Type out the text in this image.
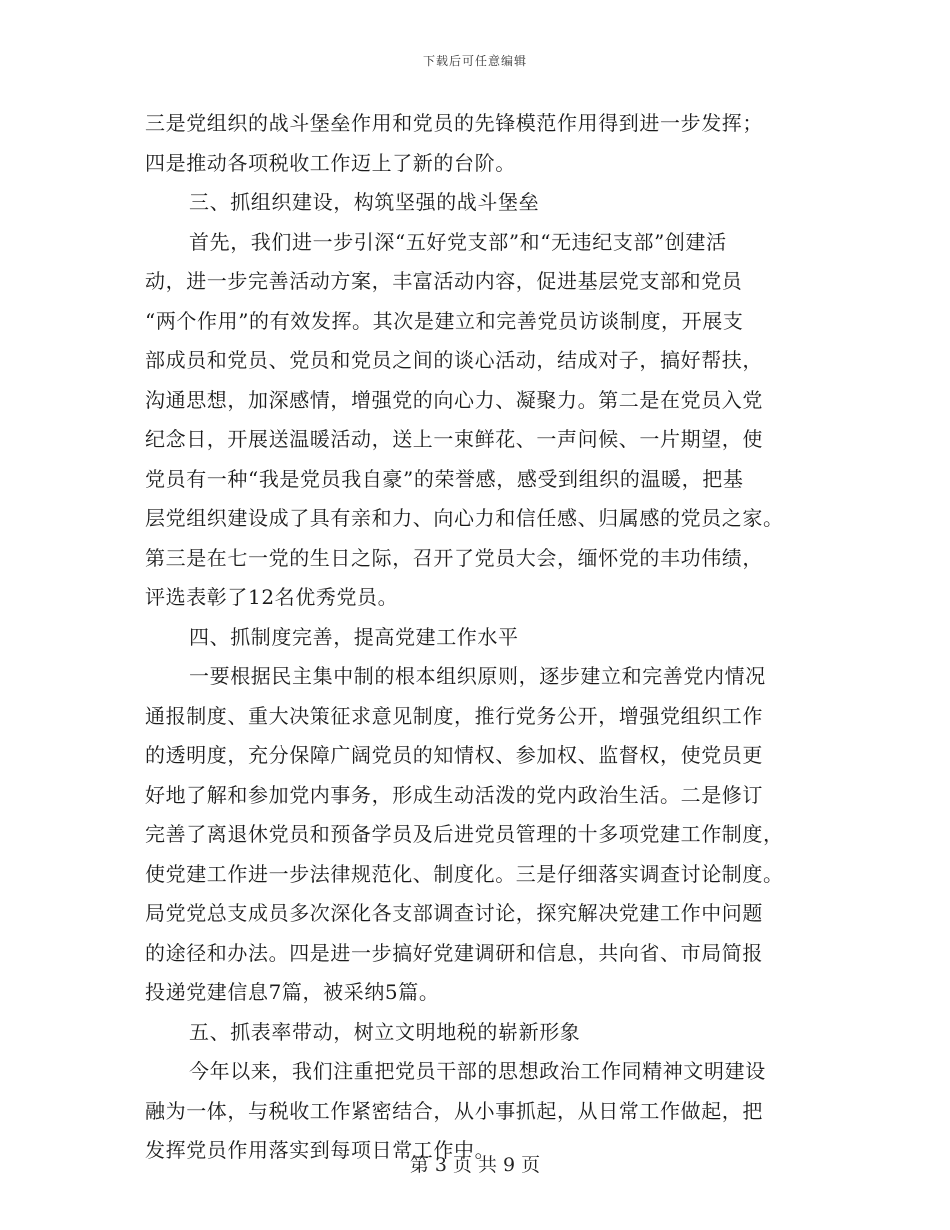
下载后可任意编辑
三是党组织的战斗堡垒作用和党员的先锋模范作用得到进一步发挥；
四是推动各项税收工作迈上了新的台阶。
三、抓组织建设，构筑坚强的战斗堡垒
首先，我们进一步引深“五好党支部”和“无违纪支部”创建活
动，进一步完善活动方案，丰富活动内容，促进基层党支部和党员
“两个作用”的有效发挥。其次是建立和完善党员访谈制度，开展支
部成员和党员、党员和党员之间的谈心活动，结成对子，搞好帮扶，
沟通思想，加深感情，增强党的向心力、凝聚力。第二是在党员入党
纪念日，开展送温暖活动，送上一束鲜花、一声问候、一片期望，使
党员有一种“我是党员我自豪”的荣誉感，感受到组织的温暖，把基
层党组织建设成了具有亲和力、向心力和信任感、归属感的党员之家。
第三是在七一党的生日之际，召开了党员大会，缅怀党的丰功伟绩，
评选表彰了12名优秀党员。
四、抓制度完善，提高党建工作水平
一要根据民主集中制的根本组织原则，逐步建立和完善党内情况
通报制度、重大决策征求意见制度，推行党务公开，增强党组织工作
的透明度，充分保障广阔党员的知情权、参加权、监督权，使党员更
好地了解和参加党内事务，形成生动活泼的党内政治生活。二是修订
完善了离退休党员和预备学员及后进党员管理的十多项党建工作制度，
使党建工作进一步法律规范化、制度化。三是仔细落实调查讨论制度。
局党党总支成员多次深化各支部调查讨论，探究解决党建工作中问题
的途径和办法。四是进一步搞好党建调研和信息，共向省、市局简报
投递党建信息7篇，被采纳5篇。
五、抓表率带动，树立文明地税的崭新形象
今年以来，我们注重把党员干部的思想政治工作同精神文明建设
融为一体，与税收工作紧密结合，从小事抓起，从日常工作做起，把
发挥党员作用落实到每项日常工作中。
第 3 页 共 9 页
